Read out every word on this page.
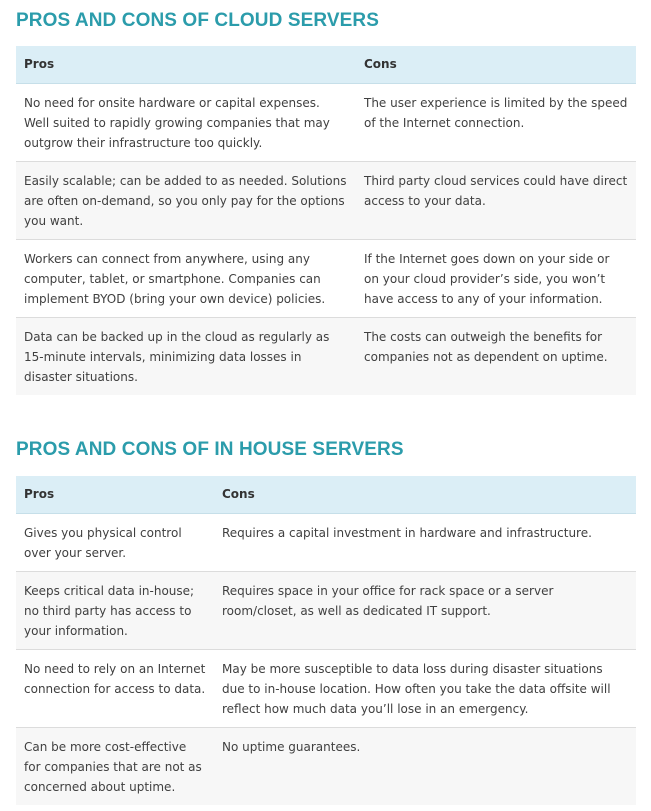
PROS AND CONS OF CLOUD SERVERS
Pros	Cons
No need for onsite hardware or capital expenses. Well suited to rapidly growing companies that may outgrow their infrastructure too quickly.	The user experience is limited by the speed of the Internet connection.
Easily scalable; can be added to as needed. Solutions are often on-demand, so you only pay for the options you want.	Third party cloud services could have direct access to your data.
Workers can connect from anywhere, using any computer, tablet, or smartphone. Companies can implement BYOD (bring your own device) policies.	If the Internet goes down on your side or on your cloud provider’s side, you won’t have access to any of your information.
Data can be backed up in the cloud as regularly as 15-minute intervals, minimizing data losses in disaster situations.	The costs can outweigh the benefits for companies not as dependent on uptime.
PROS AND CONS OF IN HOUSE SERVERS
Pros	Cons
Gives you physical control over your server.	Requires a capital investment in hardware and infrastructure.
Keeps critical data in-house; no third party has access to your information.	Requires space in your office for rack space or a server room/closet, as well as dedicated IT support.
No need to rely on an Internet connection for access to data.	May be more susceptible to data loss during disaster situations due to in-house location. How often you take the data offsite will reflect how much data you’ll lose in an emergency.
Can be more cost-effective for companies that are not as concerned about uptime.	No uptime guarantees.
